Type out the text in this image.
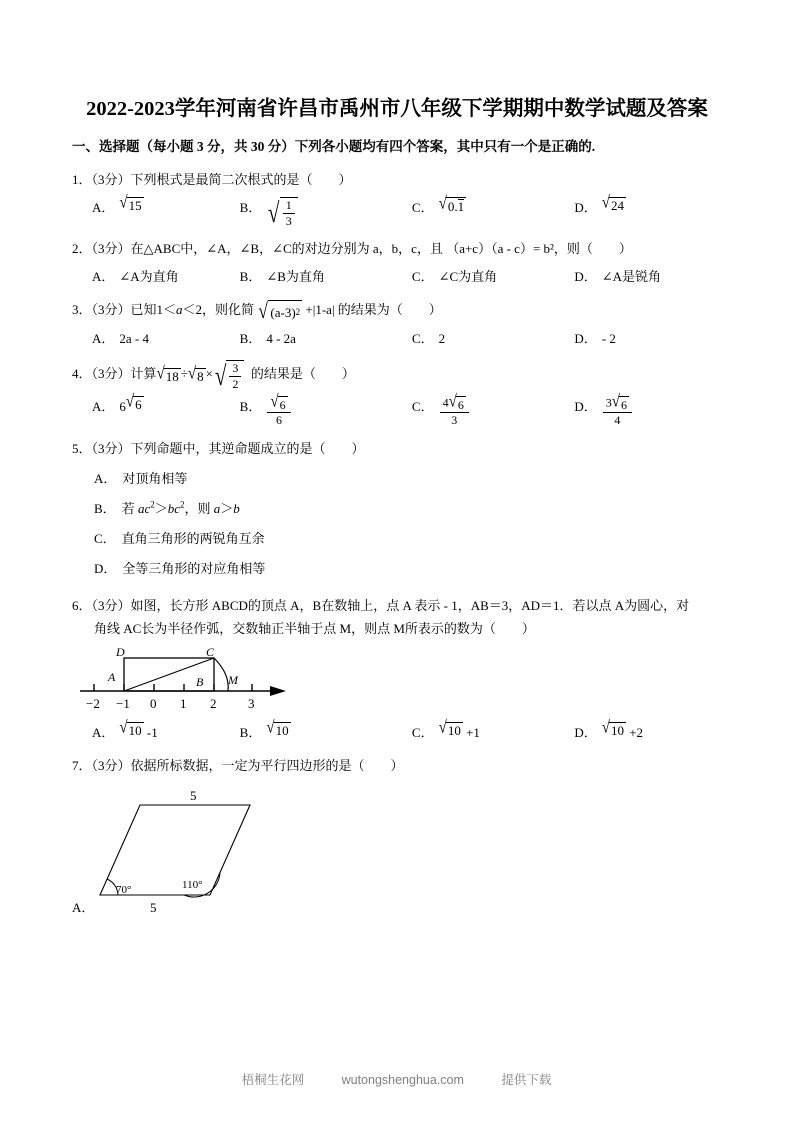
2022-2023学年河南省许昌市禹州市八年级下学期期中数学试题及答案
一、选择题（每小题 3 分，共 30 分）下列各小题均有四个答案，其中只有一个是正确的.
1．（3分）下列根式是最简二次根式的是（　　）
A． √ 15	B． √ $\frac{1}{3}$	C． √ 0. 1	D． √ 24
2．（3分）在△ABC中，∠A，∠B，∠C的对边分别为 a，b，c，且 （a+c）（a - c）= b²，则（　　）
A． ∠A为直角	B． ∠B为直角	C． ∠C为直角	D． ∠A是锐角
3．（3分）已知1＜a＜2，则化简 √ (a-3) 2 +|1-a| 的结果为（　　）
A． 2a - 4	B． 4 - 2a	C． 2	D． - 2
4．（3分）计算 √ 18 ÷ √ 8 × √ $\frac{3}{2}$ 的结果是（　　）
A． 6 √ 6	B． $\frac{√ 6}{6}$	C． $\frac{4 √ 6}{3}$	D． $\frac{3 √ 6}{4}$
5．（3分）下列命题中，其逆命题成立的是（　　）
A． 对顶角相等
B． 若 $ac^2>bc^2$，则 a＞b
C． 直角三角形的两锐角互余
D． 全等三角形的对应角相等
6．（3分）如图，长方形 ABCD的顶点 A，B在数轴上，点 A 表示 - 1，AB＝3，AD＝1．若以点 A为圆心，对
角线 AC长为半径作弧，交数轴正半轴于点 M，则点 M所表示的数为（　　）
D	C
A	B M
−2 −1 0 1 2 3
A． √ 10 -1	B． √ 10	C． √ 10 +1	D． √ 10 +2
7．（3分）依据所标数据，一定为平行四边形的是（　　）
5
5
70°	110°
A．
梧桐生花网	wutongshenghua.com	提供下载
